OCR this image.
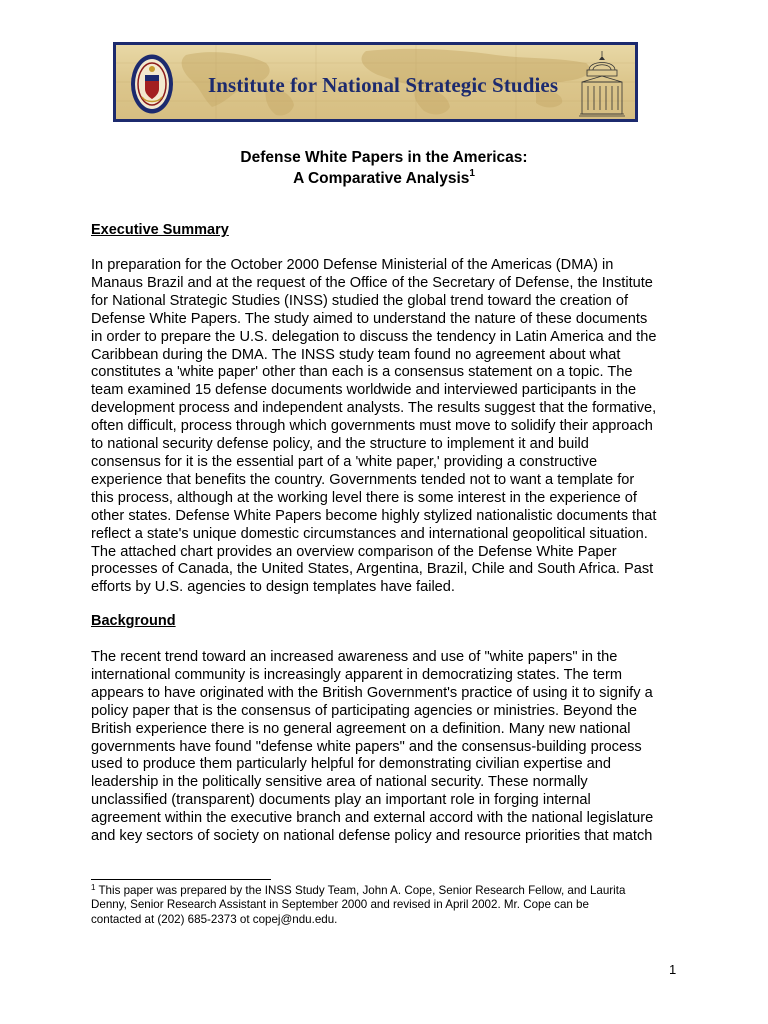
Institute for National Strategic Studies
Defense White Papers in the Americas:
A Comparative Analysis$^1$
Executive Summary
In preparation for the October 2000 Defense Ministerial of the Americas (DMA) in
Manaus Brazil and at the request of the Office of the Secretary of Defense, the Institute
for National Strategic Studies (INSS) studied the global trend toward the creation of
Defense White Papers. The study aimed to understand the nature of these documents
in order to prepare the U.S. delegation to discuss the tendency in Latin America and the
Caribbean during the DMA. The INSS study team found no agreement about what
constitutes a 'white paper' other than each is a consensus statement on a topic. The
team examined 15 defense documents worldwide and interviewed participants in the
development process and independent analysts. The results suggest that the formative,
often difficult, process through which governments must move to solidify their approach
to national security defense policy, and the structure to implement it and build
consensus for it is the essential part of a 'white paper,' providing a constructive
experience that benefits the country. Governments tended not to want a template for
this process, although at the working level there is some interest in the experience of
other states. Defense White Papers become highly stylized nationalistic documents that
reflect a state's unique domestic circumstances and international geopolitical situation.
The attached chart provides an overview comparison of the Defense White Paper
processes of Canada, the United States, Argentina, Brazil, Chile and South Africa. Past
efforts by U.S. agencies to design templates have failed.
Background
The recent trend toward an increased awareness and use of "white papers" in the
international community is increasingly apparent in democratizing states. The term
appears to have originated with the British Government's practice of using it to signify a
policy paper that is the consensus of participating agencies or ministries. Beyond the
British experience there is no general agreement on a definition. Many new national
governments have found "defense white papers" and the consensus-building process
used to produce them particularly helpful for demonstrating civilian expertise and
leadership in the politically sensitive area of national security. These normally
unclassified (transparent) documents play an important role in forging internal
agreement within the executive branch and external accord with the national legislature
and key sectors of society on national defense policy and resource priorities that match
$^1$ This paper was prepared by the INSS Study Team, John A. Cope, Senior Research Fellow, and Laurita
Denny, Senior Research Assistant in September 2000 and revised in April 2002. Mr. Cope can be
contacted at (202) 685-2373 ot copej@ndu.edu.
1
